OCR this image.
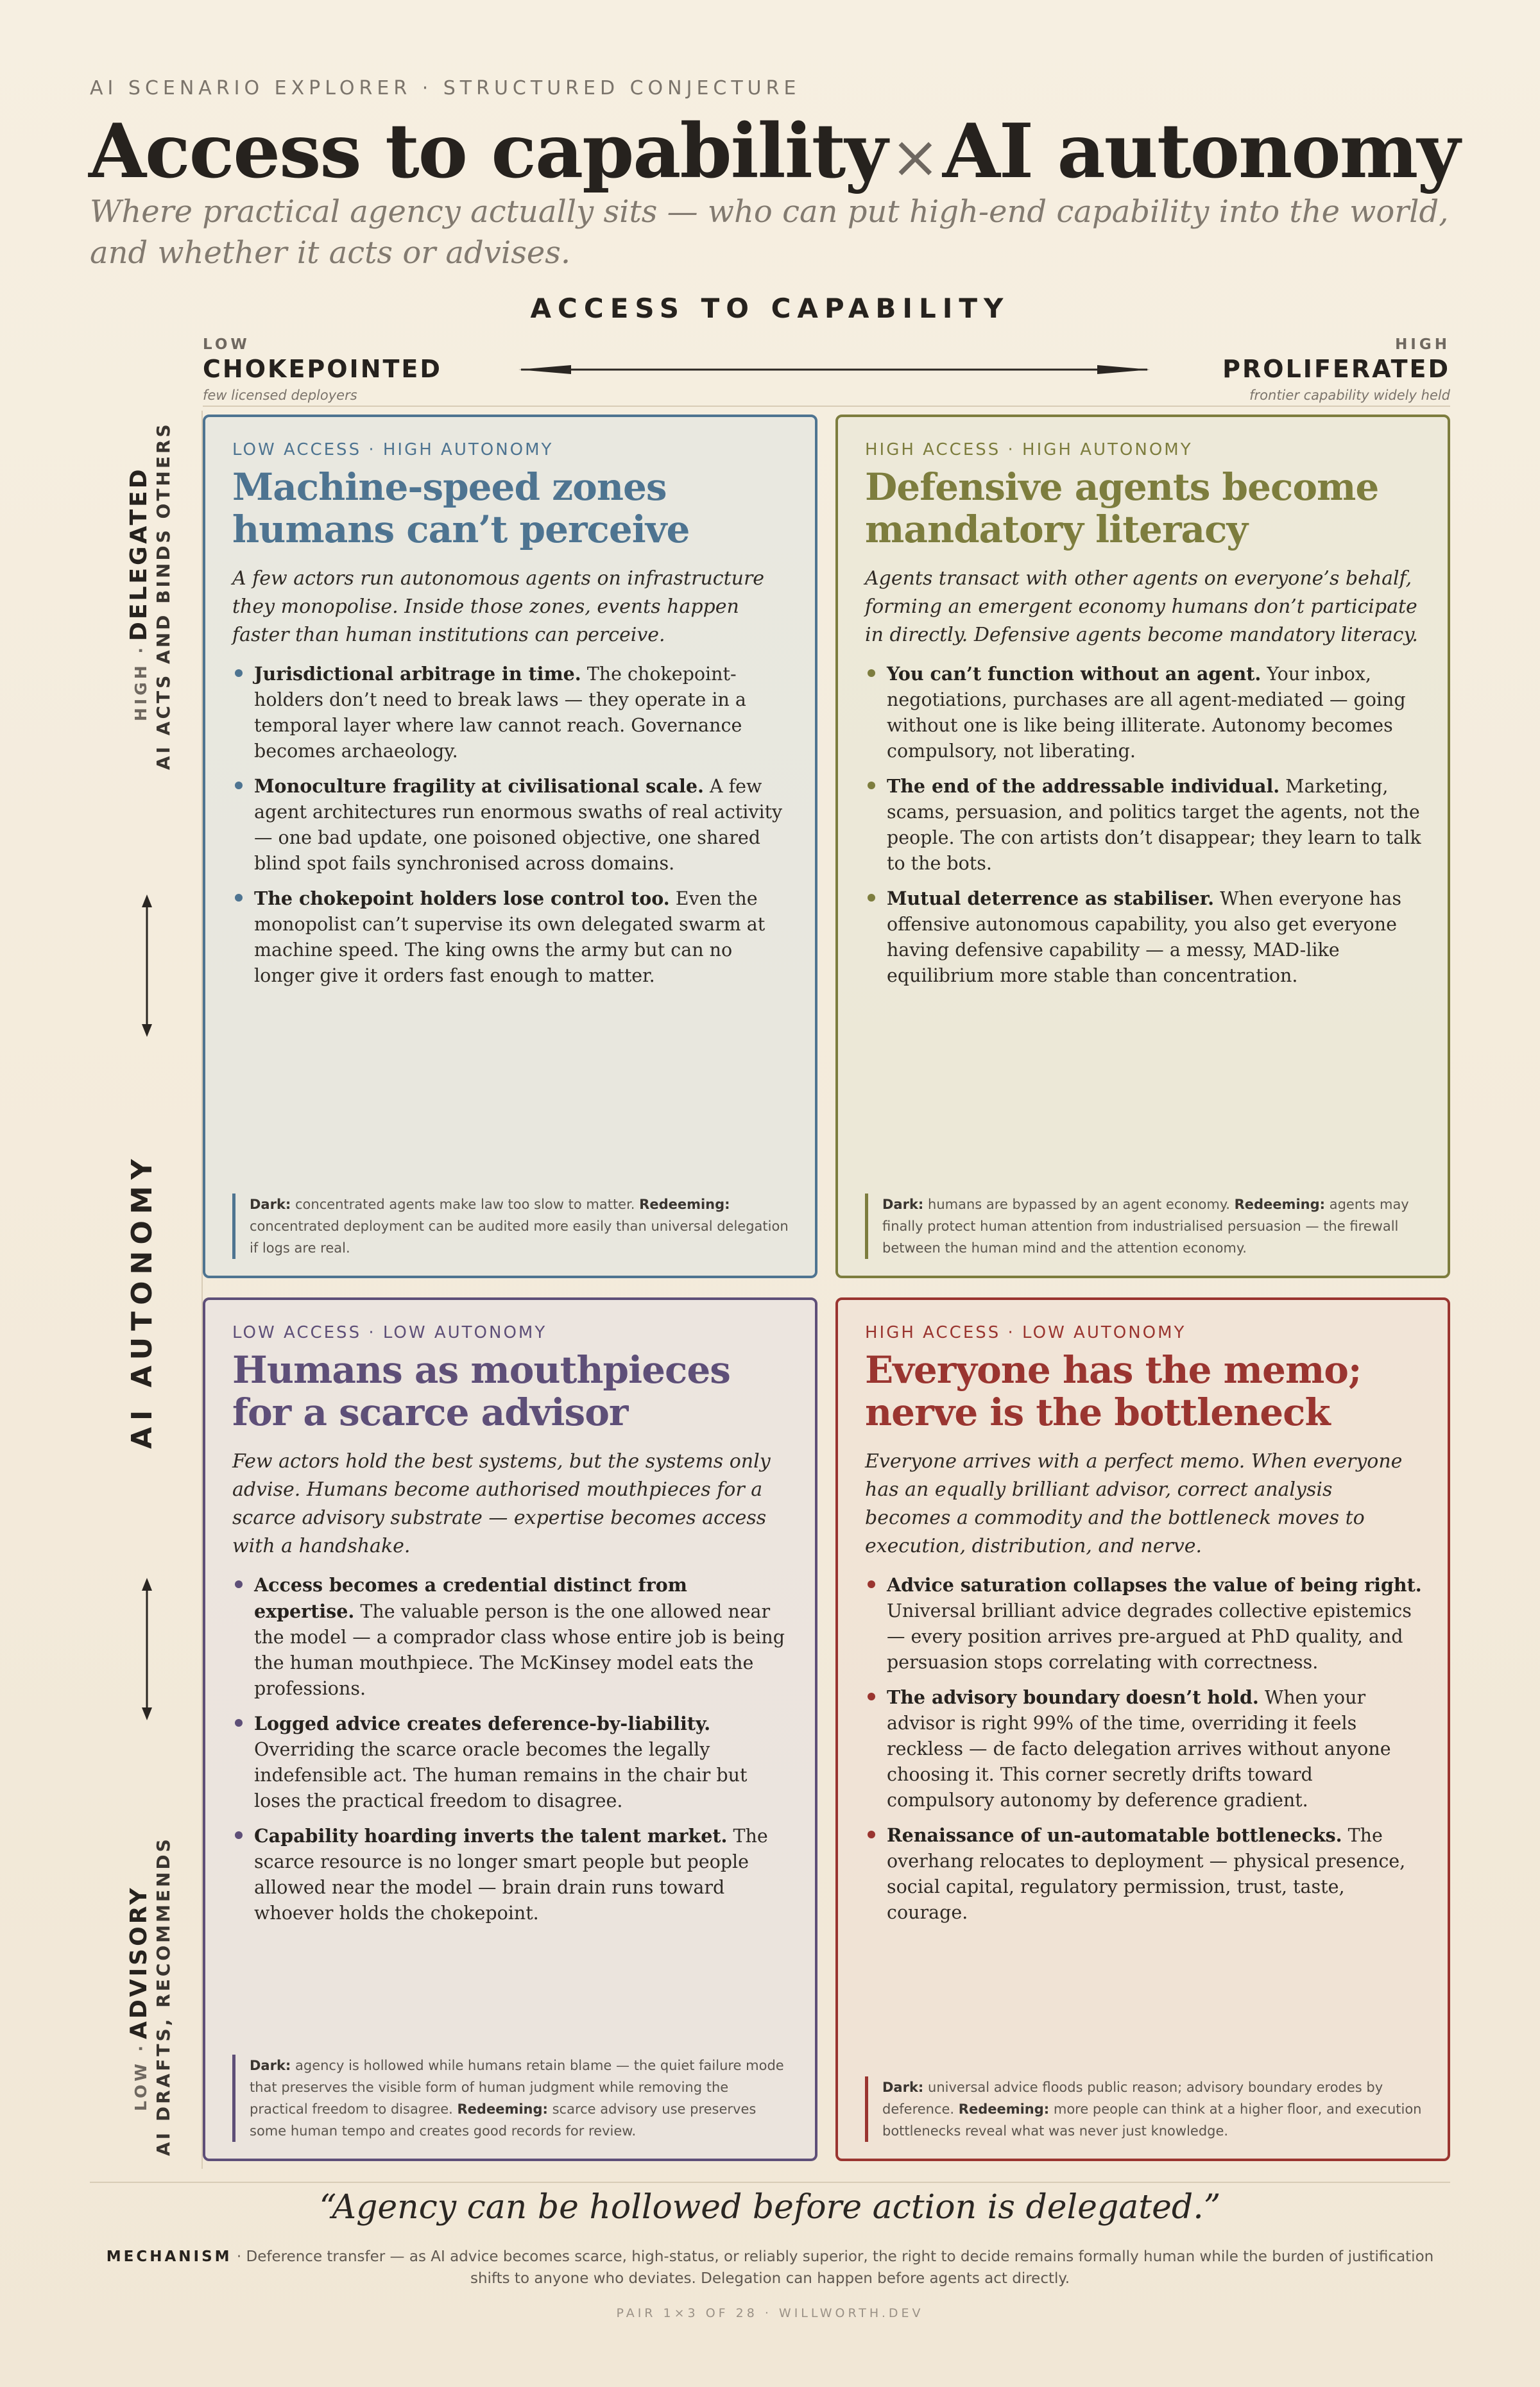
AI SCENARIO EXPLORER · STRUCTURED CONJECTURE
Access to capability×AI autonomy
Where practical agency actually sits — who can put high-end capability into the world, and whether it acts or advises.
ACCESS TO CAPABILITY
LOW
CHOKEPOINTED
few licensed deployers
HIGH
PROLIFERATED
frontier capability widely held
HIGH · DELEGATED AI ACTS AND BINDS OTHERS
AI AUTONOMY
LOW · ADVISORY AI DRAFTS, RECOMMENDS
LOW ACCESS · HIGH AUTONOMY
Machine-speed zones humans can’t perceive
A few actors run autonomous agents on infrastructure they monopolise. Inside those zones, events happen faster than human institutions can perceive.
Jurisdictional arbitrage in time. The chokepoint-holders don’t need to break laws — they operate in a temporal layer where law cannot reach. Governance becomes archaeology.
Monoculture fragility at civilisational scale. A few agent architectures run enormous swaths of real activity — one bad update, one poisoned objective, one shared blind spot fails synchronised across domains.
The chokepoint holders lose control too. Even the monopolist can’t supervise its own delegated swarm at machine speed. The king owns the army but can no longer give it orders fast enough to matter.
Dark: concentrated agents make law too slow to matter. Redeeming: concentrated deployment can be audited more easily than universal delegation if logs are real.
HIGH ACCESS · HIGH AUTONOMY
Defensive agents become mandatory literacy
Agents transact with other agents on everyone’s behalf, forming an emergent economy humans don’t participate in directly. Defensive agents become mandatory literacy.
You can’t function without an agent. Your inbox, negotiations, purchases are all agent-mediated — going without one is like being illiterate. Autonomy becomes compulsory, not liberating.
The end of the addressable individual. Marketing, scams, persuasion, and politics target the agents, not the people. The con artists don’t disappear; they learn to talk to the bots.
Mutual deterrence as stabiliser. When everyone has offensive autonomous capability, you also get everyone having defensive capability — a messy, MAD-like equilibrium more stable than concentration.
Dark: humans are bypassed by an agent economy. Redeeming: agents may finally protect human attention from industrialised persuasion — the firewall between the human mind and the attention economy.
LOW ACCESS · LOW AUTONOMY
Humans as mouthpieces for a scarce advisor
Few actors hold the best systems, but the systems only advise. Humans become authorised mouthpieces for a scarce advisory substrate — expertise becomes access with a handshake.
Access becomes a credential distinct from expertise. The valuable person is the one allowed near the model — a comprador class whose entire job is being the human mouthpiece. The McKinsey model eats the professions.
Logged advice creates deference-by-liability. Overriding the scarce oracle becomes the legally indefensible act. The human remains in the chair but loses the practical freedom to disagree.
Capability hoarding inverts the talent market. The scarce resource is no longer smart people but people allowed near the model — brain drain runs toward whoever holds the chokepoint.
Dark: agency is hollowed while humans retain blame — the quiet failure mode that preserves the visible form of human judgment while removing the practical freedom to disagree. Redeeming: scarce advisory use preserves some human tempo and creates good records for review.
HIGH ACCESS · LOW AUTONOMY
Everyone has the memo; nerve is the bottleneck
Everyone arrives with a perfect memo. When everyone has an equally brilliant advisor, correct analysis becomes a commodity and the bottleneck moves to execution, distribution, and nerve.
Advice saturation collapses the value of being right. Universal brilliant advice degrades collective epistemics — every position arrives pre-argued at PhD quality, and persuasion stops correlating with correctness.
The advisory boundary doesn’t hold. When your advisor is right 99% of the time, overriding it feels reckless — de facto delegation arrives without anyone choosing it. This corner secretly drifts toward compulsory autonomy by deference gradient.
Renaissance of un-automatable bottlenecks. The overhang relocates to deployment — physical presence, social capital, regulatory permission, trust, taste, courage.
Dark: universal advice floods public reason; advisory boundary erodes by deference. Redeeming: more people can think at a higher floor, and execution bottlenecks reveal what was never just knowledge.
“Agency can be hollowed before action is delegated.”
MECHANISM · Deference transfer — as AI advice becomes scarce, high-status, or reliably superior, the right to decide remains formally human while the burden of justification shifts to anyone who deviates. Delegation can happen before agents act directly.
PAIR 1×3 OF 28 · WILLWORTH.DEV
